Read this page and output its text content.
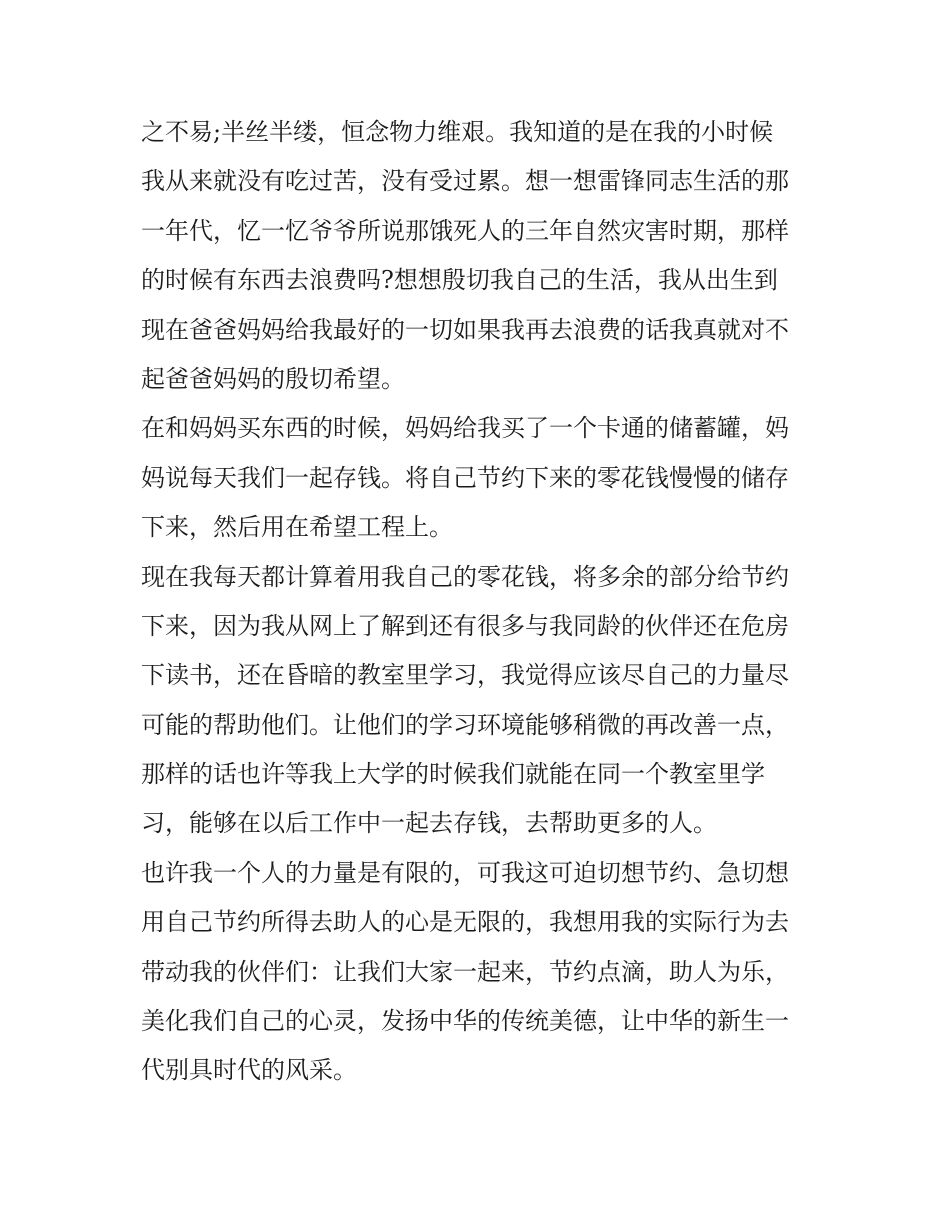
之不易;半丝半缕，恒念物力维艰。我知道的是在我的小时候
我从来就没有吃过苦，没有受过累。想一想雷锋同志生活的那
一年代，忆一忆爷爷所说那饿死人的三年自然灾害时期，那样
的时候有东西去浪费吗?想想殷切我自己的生活，我从出生到
现在爸爸妈妈给我最好的一切如果我再去浪费的话我真就对不
起爸爸妈妈的殷切希望。
在和妈妈买东西的时候，妈妈给我买了一个卡通的储蓄罐，妈
妈说每天我们一起存钱。将自己节约下来的零花钱慢慢的储存
下来，然后用在希望工程上。
现在我每天都计算着用我自己的零花钱，将多余的部分给节约
下来，因为我从网上了解到还有很多与我同龄的伙伴还在危房
下读书，还在昏暗的教室里学习，我觉得应该尽自己的力量尽
可能的帮助他们。让他们的学习环境能够稍微的再改善一点，
那样的话也许等我上大学的时候我们就能在同一个教室里学
习，能够在以后工作中一起去存钱，去帮助更多的人。
也许我一个人的力量是有限的，可我这可迫切想节约、急切想
用自己节约所得去助人的心是无限的，我想用我的实际行为去
带动我的伙伴们：让我们大家一起来，节约点滴，助人为乐，
美化我们自己的心灵，发扬中华的传统美德，让中华的新生一
代别具时代的风采。
